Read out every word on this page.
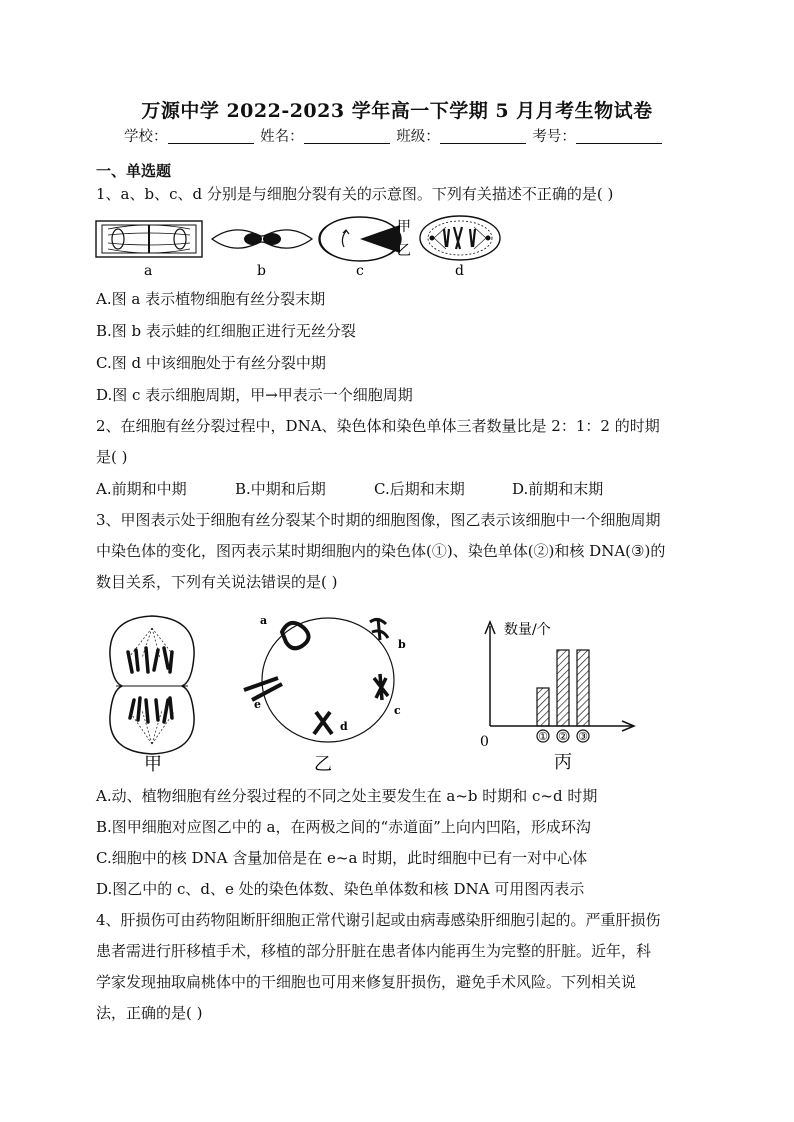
万源中学 2022-2023 学年高一下学期 5 月月考生物试卷
学校：	姓名：	班级：	考号：
一、单选题
1、a、b、c、d 分别是与细胞分裂有关的示意图。下列有关描述不正确的是( )
a	b
甲
乙
c	d
A.图 a 表示植物细胞有丝分裂末期
B.图 b 表示蛙的红细胞正进行无丝分裂
C.图 d 中该细胞处于有丝分裂中期
D.图 c 表示细胞周期，甲→甲表示一个细胞周期
2、在细胞有丝分裂过程中，DNA、染色体和染色单体三者数量比是 2：1：2 的时期
是( )
A.前期和中期	B.中期和后期	C.后期和末期	D.前期和末期
3、甲图表示处于细胞有丝分裂某个时期的细胞图像，图乙表示该细胞中一个细胞周期
中染色体的变化，图丙表示某时期细胞内的染色体(①)、染色单体(②)和核 DNA(③)的
数目关系，下列有关说法错误的是( )
甲
a
b
c
d
e
乙
数量/个
0	① ② ③
丙
A.动、植物细胞有丝分裂过程的不同之处主要发生在 a~b 时期和 c~d 时期
B.图甲细胞对应图乙中的 a，在两极之间的“赤道面”上向内凹陷，形成环沟
C.细胞中的核 DNA 含量加倍是在 e~a 时期，此时细胞中已有一对中心体
D.图乙中的 c、d、e 处的染色体数、染色单体数和核 DNA 可用图丙表示
4、肝损伤可由药物阻断肝细胞正常代谢引起或由病毒感染肝细胞引起的。严重肝损伤
患者需进行肝移植手术，移植的部分肝脏在患者体内能再生为完整的肝脏。近年，科
学家发现抽取扁桃体中的干细胞也可用来修复肝损伤，避免手术风险。下列相关说
法，正确的是( )
